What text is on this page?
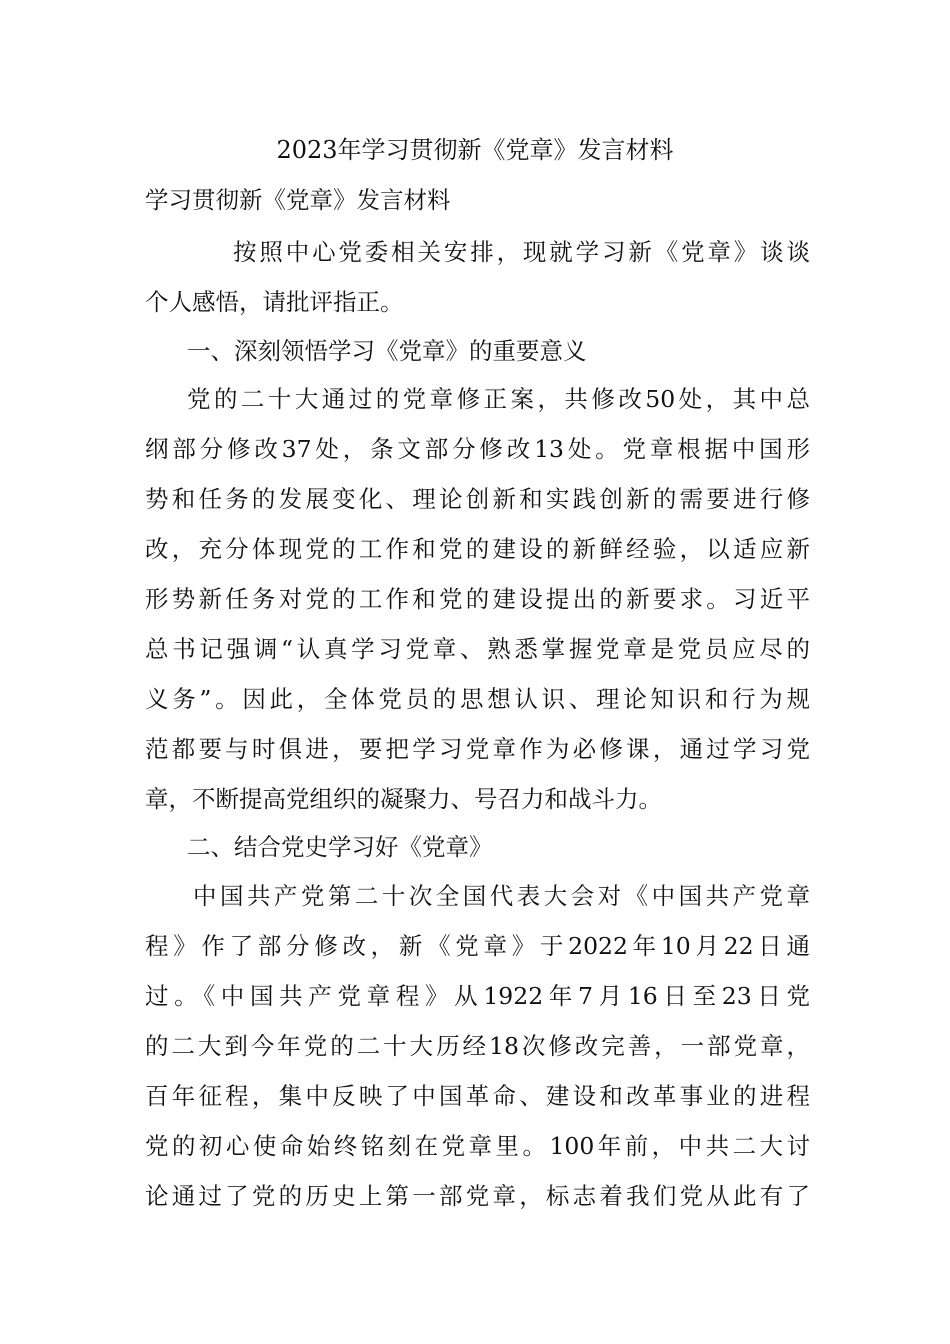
2023年学习贯彻新《党章》发言材料
学习贯彻新《党章》发言材料
按照中心党委相关安排，现就学习新《党章》谈谈
个人感悟，请批评指正。
一、深刻领悟学习《党章》的重要意义
党的二十大通过的党章修正案，共修改50处，其中总
纲部分修改37处，条文部分修改13处。党章根据中国形
势和任务的发展变化、理论创新和实践创新的需要进行修
改，充分体现党的工作和党的建设的新鲜经验，以适应新
形势新任务对党的工作和党的建设提出的新要求。习近平
总书记强调“认真学习党章、熟悉掌握党章是党员应尽的
义务”。因此，全体党员的思想认识、理论知识和行为规
范都要与时俱进，要把学习党章作为必修课，通过学习党
章，不断提高党组织的凝聚力、号召力和战斗力。
二、结合党史学习好《党章》
中国共产党第二十次全国代表大会对《中国共产党章
程》作了部分修改，新《党章》于2022年10月22日通
过。《中国共产党章程》从1922年7月16日至23日党
的二大到今年党的二十大历经18次修改完善，一部党章，
百年征程，集中反映了中国革命、建设和改革事业的进程
党的初心使命始终铭刻在党章里。100年前，中共二大讨
论通过了党的历史上第一部党章，标志着我们党从此有了
